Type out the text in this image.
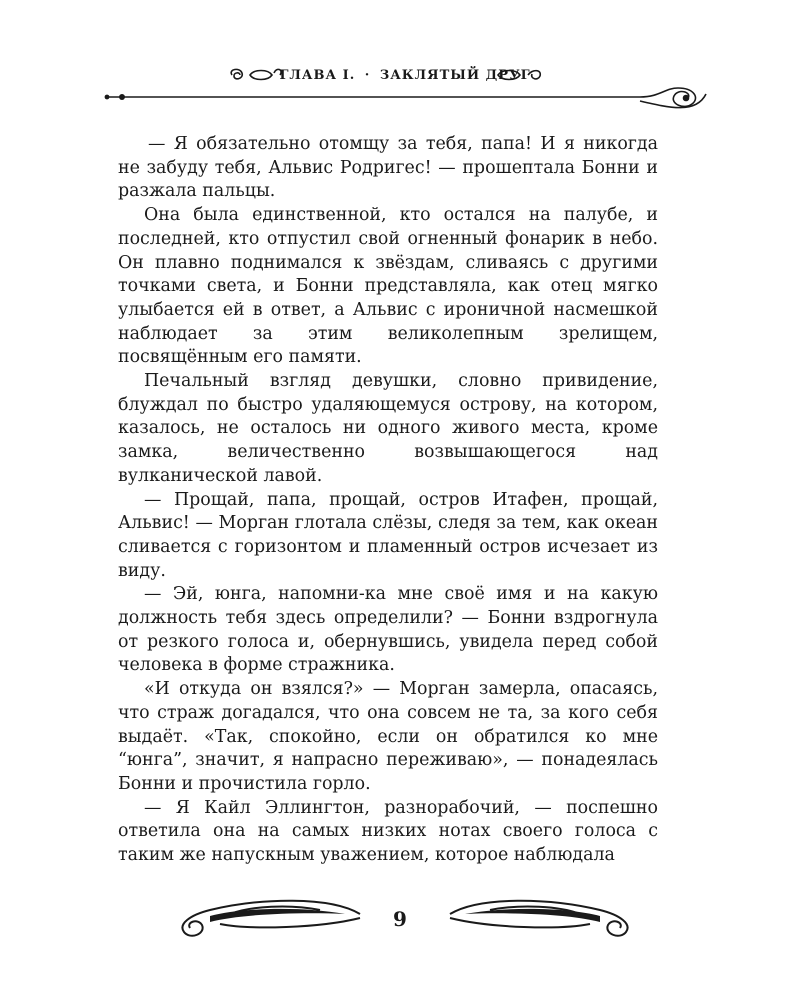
ГЛАВА I. · ЗАКЛЯТЫЙ ДРУГ

— Я обязательно отомщу за тебя, папа! И я никогда не забуду тебя, Альвис Родригес! — прошептала Бонни и разжала пальцы.

Она была единственной, кто остался на палубе, и последней, кто отпустил свой огненный фонарик в небо. Он плавно поднимался к звёздам, сливаясь с другими точками света, и Бонни представляла, как отец мягко улыбается ей в ответ, а Альвис с ироничной насмешкой наблюдает за этим великолепным зрелищем, посвящённым его памяти.

Печальный взгляд девушки, словно привидение, блуждал по быстро удаляющемуся острову, на котором, казалось, не осталось ни одного живого места, кроме замка, величественно возвышающегося над вулканической лавой.

— Прощай, папа, прощай, остров Итафен, прощай, Альвис! — Морган глотала слёзы, следя за тем, как океан сливается с горизонтом и пламенный остров исчезает из виду.

— Эй, юнга, напомни-ка мне своё имя и на какую должность тебя здесь определили? — Бонни вздрогнула от резкого голоса и, обернувшись, увидела перед собой человека в форме стражника.

«И откуда он взялся?» — Морган замерла, опасаясь, что страж догадался, что она совсем не та, за кого себя выдаёт. «Так, спокойно, если он обратился ко мне “юнга”, значит, я напрасно переживаю», — понадеялась Бонни и прочистила горло.

— Я Кайл Эллингтон, разнорабочий, — поспешно ответила она на самых низких нотах своего голоса с таким же напускным уважением, которое наблюдала

9
